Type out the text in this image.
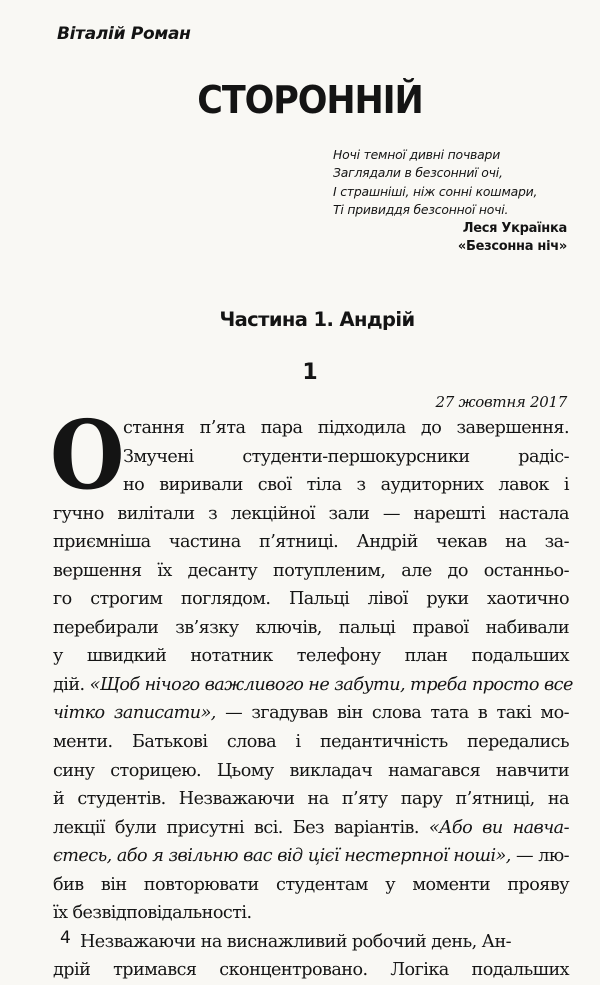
Віталій Роман
СТОРОННІЙ
Ночі темної дивні почвари
Заглядали в безсонниї очі,
І страшніші, ніж сонні кошмари,
Ті привиддя безсонної ночі.
Леся Українка
«Безсонна ніч»
Частина 1. Андрій
1
27 жовтня 2017
О стання п’ята пара підходила до завершення.
Змучені студенти-першокурсники радіс-
но виривали свої тіла з аудиторних лавок і
гучно вилітали з лекційної зали — нарешті настала
приємніша частина п’ятниці. Андрій чекав на за-
вершення їх десанту потупленим, але до останньо-
го строгим поглядом. Пальці лівої руки хаотично
перебирали зв’язку ключів, пальці правої набивали
у швидкий нотатник телефону план подальших
дій. «Щоб нічого важливого не забути, треба просто все
чітко записати», — згадував він слова тата в такі мо-
менти. Батькові слова і педантичність передались
сину сторицею. Цьому викладач намагався навчити
й студентів. Незважаючи на п’яту пару п’ятниці, на
лекції були присутні всі. Без варіантів. «Або ви навча-
єтесь, або я звільню вас від цієї нестерпної ноші», — лю-
бив він повторювати студентам у моменти прояву
їх безвідповідальності.
Незважаючи на виснажливий робочий день, Ан-
дрій тримався сконцентровано. Логіка подальших
4
